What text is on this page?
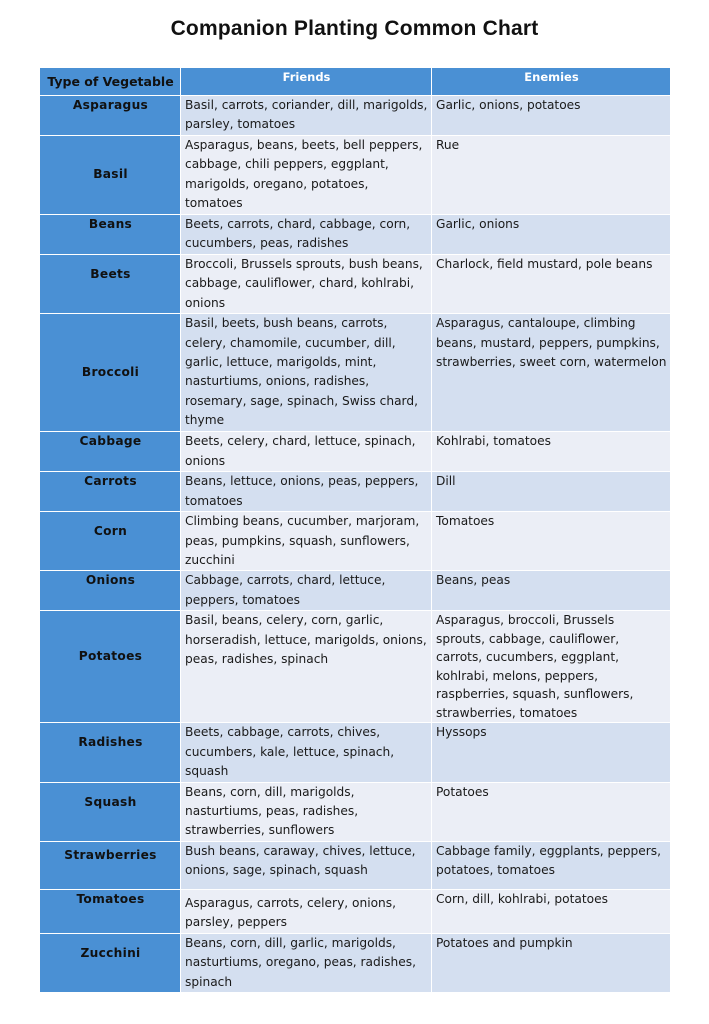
Companion Planting Common Chart
Type of Vegetable	Friends	Enemies
Asparagus	Basil, carrots, coriander, dill, marigolds, parsley, tomatoes	Garlic, onions, potatoes
Basil	Asparagus, beans, beets, bell peppers, cabbage, chili peppers, eggplant, marigolds, oregano, potatoes, tomatoes	Rue
Beans	Beets, carrots, chard, cabbage, corn, cucumbers, peas, radishes	Garlic, onions
Beets	Broccoli, Brussels sprouts, bush beans, cabbage, cauliflower, chard, kohlrabi, onions	Charlock, field mustard, pole beans
Broccoli	Basil, beets, bush beans, carrots, celery, chamomile, cucumber, dill, garlic, lettuce, marigolds, mint, nasturtiums, onions, radishes, rosemary, sage, spinach, Swiss chard, thyme	Asparagus, cantaloupe, climbing beans, mustard, peppers, pumpkins, strawberries, sweet corn, watermelon
Cabbage	Beets, celery, chard, lettuce, spinach, onions	Kohlrabi, tomatoes
Carrots	Beans, lettuce, onions, peas, peppers, tomatoes	Dill
Corn	Climbing beans, cucumber, marjoram, peas, pumpkins, squash, sunflowers, zucchini	Tomatoes
Onions	Cabbage, carrots, chard, lettuce, peppers, tomatoes	Beans, peas
Potatoes	Basil, beans, celery, corn, garlic, horseradish, lettuce, marigolds, onions, peas, radishes, spinach	Asparagus, broccoli, Brussels sprouts, cabbage, cauliflower, carrots, cucumbers, eggplant, kohlrabi, melons, peppers, raspberries, squash, sunflowers, strawberries, tomatoes
Radishes	Beets, cabbage, carrots, chives, cucumbers, kale, lettuce, spinach, squash	Hyssops
Squash	Beans, corn, dill, marigolds, nasturtiums, peas, radishes, strawberries, sunflowers	Potatoes
Strawberries	Bush beans, caraway, chives, lettuce, onions, sage, spinach, squash	Cabbage family, eggplants, peppers, potatoes, tomatoes
Tomatoes	Asparagus, carrots, celery, onions, parsley, peppers	Corn, dill, kohlrabi, potatoes
Zucchini	Beans, corn, dill, garlic, marigolds, nasturtiums, oregano, peas, radishes, spinach	Potatoes and pumpkin
